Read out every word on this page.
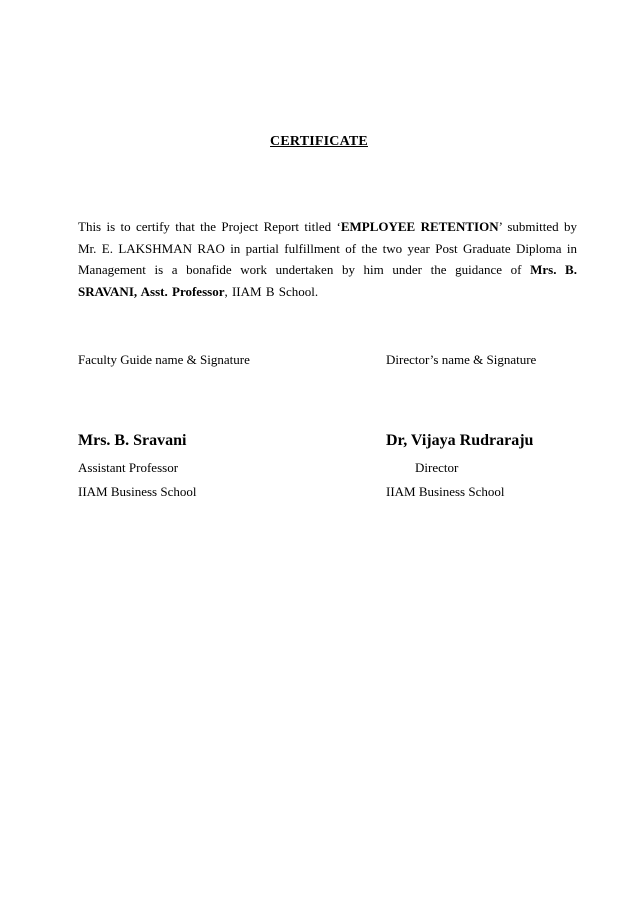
CERTIFICATE
This is to certify that the Project Report titled ‘EMPLOYEE RETENTION’ submitted by Mr. E. LAKSHMAN RAO in partial fulfillment of the two year Post Graduate Diploma in Management is a bonafide work undertaken by him under the guidance of Mrs. B. SRAVANI, Asst. Professor, IIAM B School.
Faculty Guide name & Signature	Director’s name & Signature
Mrs. B. Sravani	Dr, Vijaya Rudraraju
Assistant Professor	Director
IIAM Business School	IIAM Business School
